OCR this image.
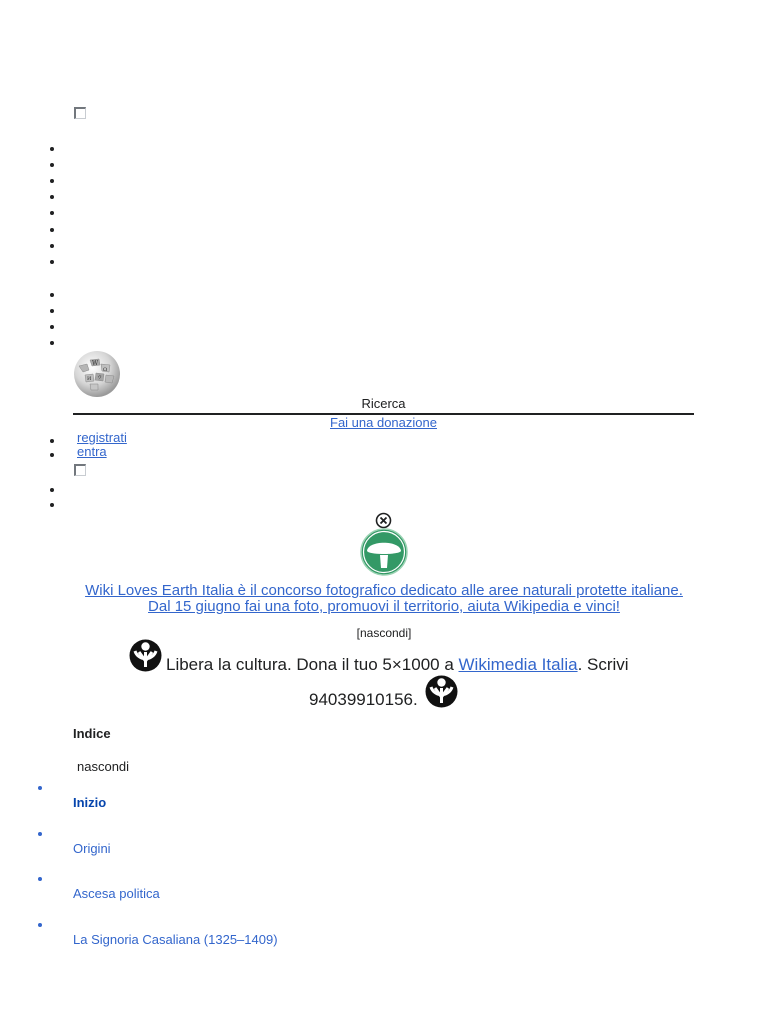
W
Ω
И ウ
Ricerca
Fai una donazione
registrati
entra
Wiki Loves Earth Italia è il concorso fotografico dedicato alle aree naturali protette italiane.
Dal 15 giugno fai una foto, promuovi il territorio, aiuta Wikipedia e vinci!
[nascondi]
Libera la cultura. Dona il tuo 5×1000 a Wikimedia Italia. Scrivi
94039910156.
Indice
nascondi
Inizio
Origini
Ascesa politica
La Signoria Casaliana (1325–1409)
